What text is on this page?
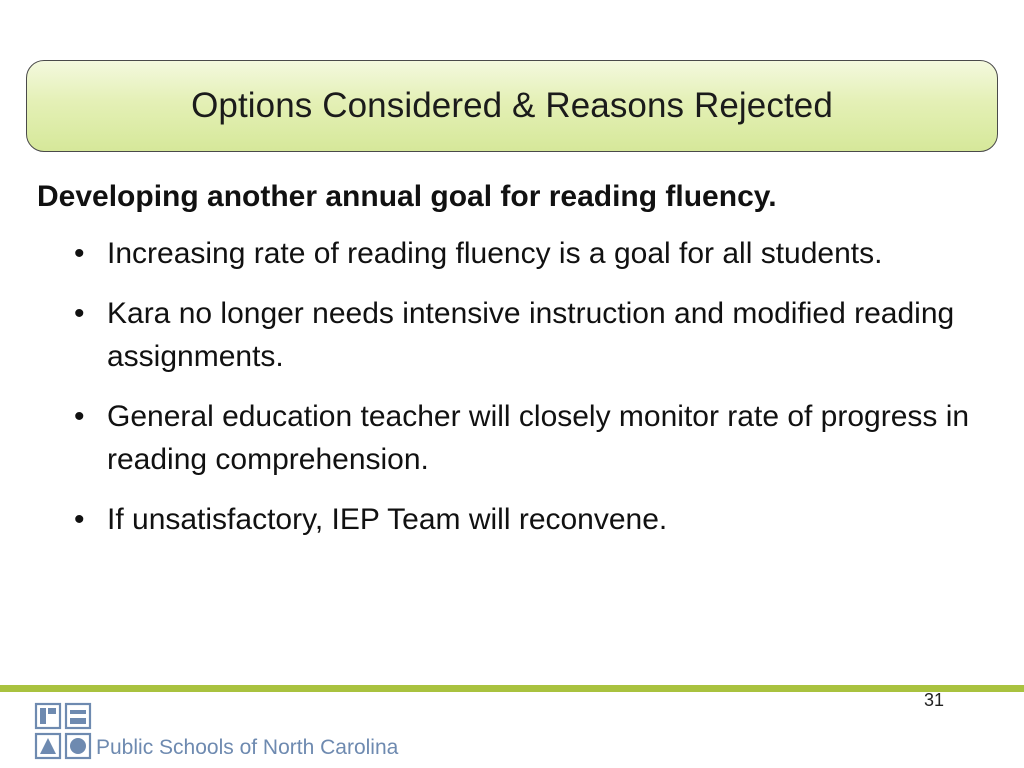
Options Considered & Reasons Rejected
Developing another annual goal for reading fluency.
• Increasing rate of reading fluency is a goal for all students.
• Kara no longer needs intensive instruction and modified reading assignments.
• General education teacher will closely monitor rate of progress in reading comprehension.
• If unsatisfactory, IEP Team will reconvene.
31
Public Schools of North Carolina
